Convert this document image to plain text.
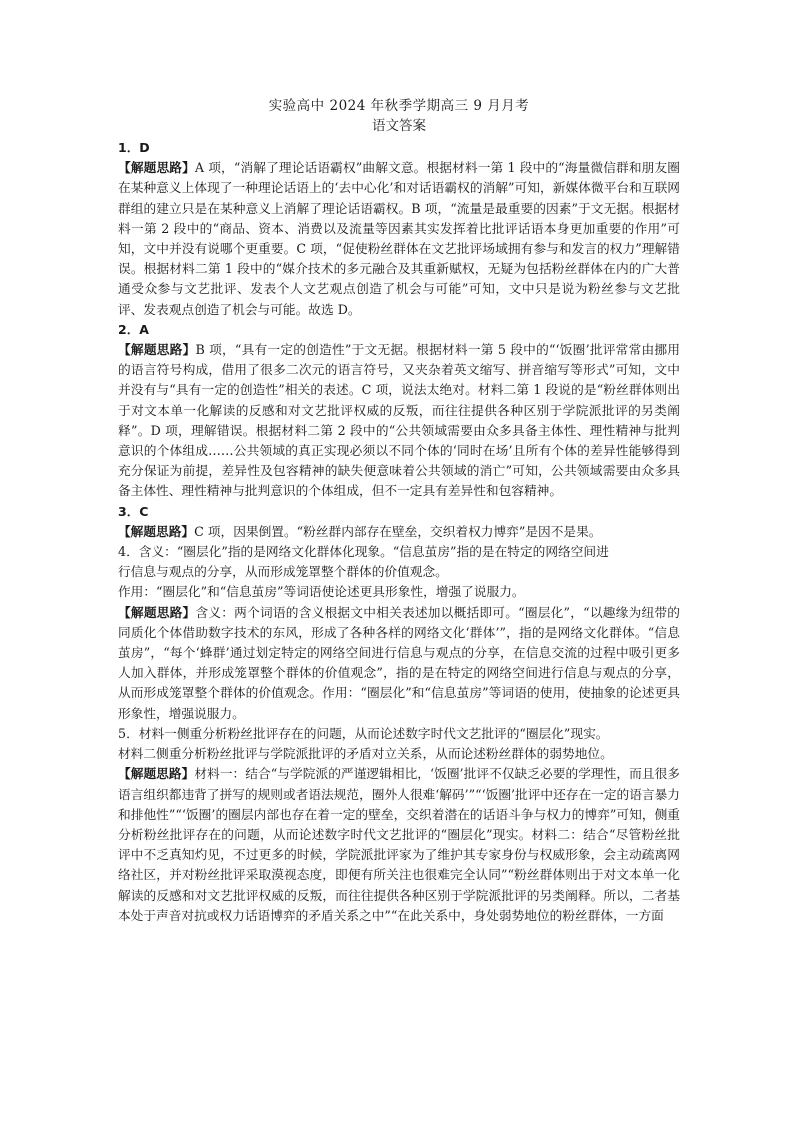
实验高中 2024 年秋季学期高三 9 月月考
语文答案

1．D

【解题思路】A 项，“消解了理论话语霸权”曲解文意。根据材料一第 1 段中的“海量微信群和朋友圈在某种意义上体现了一种理论话语上的‘去中心化’和对话语霸权的消解”可知，新媒体微平台和互联网群组的建立只是在某种意义上消解了理论话语霸权。B 项，“流量是最重要的因素”于文无据。根据材料一第 2 段中的“商品、资本、消费以及流量等因素其实发挥着比批评话语本身更加重要的作用”可知，文中并没有说哪个更重要。C 项，“促使粉丝群体在文艺批评场域拥有参与和发言的权力”理解错误。根据材料二第 1 段中的“媒介技术的多元融合及其重新赋权，无疑为包括粉丝群体在内的广大普通受众参与文艺批评、发表个人文艺观点创造了机会与可能”可知，文中只是说为粉丝参与文艺批评、发表观点创造了机会与可能。故选 D。

2．A

【解题思路】B 项，“具有一定的创造性”于文无据。根据材料一第 5 段中的“‘饭圈’批评常常由挪用的语言符号构成，借用了很多二次元的语言符号，又夹杂着英文缩写、拼音缩写等形式”可知，文中并没有与“具有一定的创造性”相关的表述。C 项，说法太绝对。材料二第 1 段说的是“粉丝群体则出于对文本单一化解读的反感和对文艺批评权威的反叛，而往往提供各种区别于学院派批评的另类阐释”。D 项，理解错误。根据材料二第 2 段中的“公共领域需要由众多具备主体性、理性精神与批判意识的个体组成……公共领域的真正实现必须以不同个体的‘同时在场’且所有个体的差异性能够得到充分保证为前提，差异性及包容精神的缺失便意味着公共领域的消亡”可知，公共领域需要由众多具备主体性、理性精神与批判意识的个体组成，但不一定具有差异性和包容精神。

3．C

【解题思路】C 项，因果倒置。“粉丝群内部存在壁垒，交织着权力博弈”是因不是果。

4．含义：“圈层化”指的是网络文化群体化现象。“信息茧房”指的是在特定的网络空间进

行信息与观点的分享，从而形成笼罩整个群体的价值观念。

作用：“圈层化”和“信息茧房”等词语使论述更具形象性，增强了说服力。

【解题思路】含义：两个词语的含义根据文中相关表述加以概括即可。“圈层化”，“以趣缘为纽带的同质化个体借助数字技术的东风，形成了各种各样的网络文化‘群体’”，指的是网络文化群体。“信息茧房”，“每个‘蜂群’通过划定特定的网络空间进行信息与观点的分享，在信息交流的过程中吸引更多人加入群体，并形成笼罩整个群体的价值观念”，指的是在特定的网络空间进行信息与观点的分享，从而形成笼罩整个群体的价值观念。作用：“圈层化”和“信息茧房”等词语的使用，使抽象的论述更具形象性，增强说服力。

5．材料一侧重分析粉丝批评存在的问题，从而论述数字时代文艺批评的“圈层化”现实。

材料二侧重分析粉丝批评与学院派批评的矛盾对立关系，从而论述粉丝群体的弱势地位。

【解题思路】材料一：结合“与学院派的严谨逻辑相比，‘饭圈’批评不仅缺乏必要的学理性，而且很多语言组织都违背了拼写的规则或者语法规范，圈外人很难‘解码’”“‘饭圈’批评中还存在一定的语言暴力和排他性”“‘饭圈’的圈层内部也存在着一定的壁垒，交织着潜在的话语斗争与权力的博弈”可知，侧重分析粉丝批评存在的问题，从而论述数字时代文艺批评的“圈层化”现实。材料二：结合“尽管粉丝批评中不乏真知灼见，不过更多的时候，学院派批评家为了维护其专家身份与权威形象，会主动疏离网络社区，并对粉丝批评采取漠视态度，即便有所关注也很难完全认同”“粉丝群体则出于对文本单一化解读的反感和对文艺批评权威的反叛，而往往提供各种区别于学院派批评的另类阐释。所以，二者基本处于声音对抗或权力话语博弈的矛盾关系之中”“在此关系中，身处弱势地位的粉丝群体，一方面
